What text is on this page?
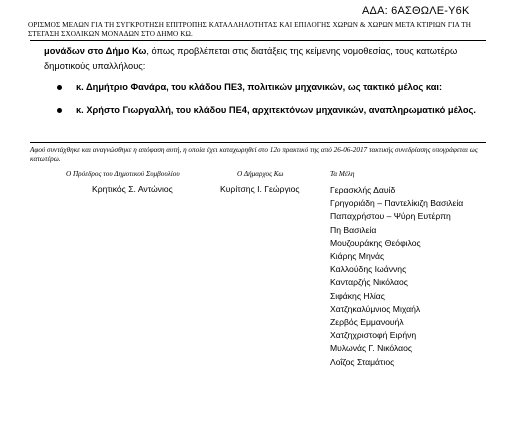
ΑΔΑ: 6ΑΣΘΩΛΕ-Υ6Κ
ΟΡΙΣΜΟΣ ΜΕΛΩΝ ΓΙΑ ΤΗ ΣΥΓΚΡΟΤΗΣΗ ΕΠΙΤΡΟΠΗΣ ΚΑΤΑΛΛΗΛΟΤΗΤΑΣ ΚΑΙ ΕΠΙΛΟΓΗΣ ΧΩΡΩΝ & ΧΩΡΩΝ ΜΕΤΑ ΚΤΙΡΙΩΝ ΓΙΑ ΤΗ ΣΤΕΓΑΣΗ ΣΧΟΛΙΚΩΝ ΜΟΝΑΔΩΝ ΣΤΟ ΔΗΜΟ ΚΩ.
μονάδων στο Δήμο Κω, όπως προβλέπεται στις διατάξεις της κείμενης νομοθεσίας, τους κατωτέρω δημοτικούς υπαλλήλους:
κ. Δημήτριο Φανάρα, του κλάδου ΠΕ3, πολιτικών μηχανικών, ως τακτικό μέλος και:
κ. Χρήστο Γιωργαλλή, του κλάδου ΠΕ4, αρχιτεκτόνων μηχανικών, αναπληρωματικό μέλος.
Αφού συντάχθηκε και αναγνώσθηκε η απόφαση αυτή, η οποία έχει καταχωρηθεί στο 12ο πρακτικό της από 26-06-2017 τακτικής συνεδρίασης υπογράφεται ως κατωτέρω.
Ο Πρόεδρος του Δημοτικού Συμβουλίου
Κρητικός Σ. Αντώνιος
Ο Δήμαρχος Κω
Κυρίτσης Ι. Γεώργιος
Τα Μέλη
Γερασκλής Δαυίδ
Γρηγοριάδη – Παντελίκιζη Βασιλεία
Παπαχρήστου – Ψύρη Ευτέρπη
Πη Βασιλεία
Μουζουράκης Θεόφιλος
Κιάρης Μηνάς
Καλλούδης Ιωάννης
Κανταρζής Νικόλαος
Σιφάκης Ηλίας
Χατζηκαλύμνιος Μιχαήλ
Ζερβός Εμμανουήλ
Χατζηχριστοφή Ειρήνη
Μυλωνάς Γ. Νικόλαος
Λοΐζος Σταμάτιος
